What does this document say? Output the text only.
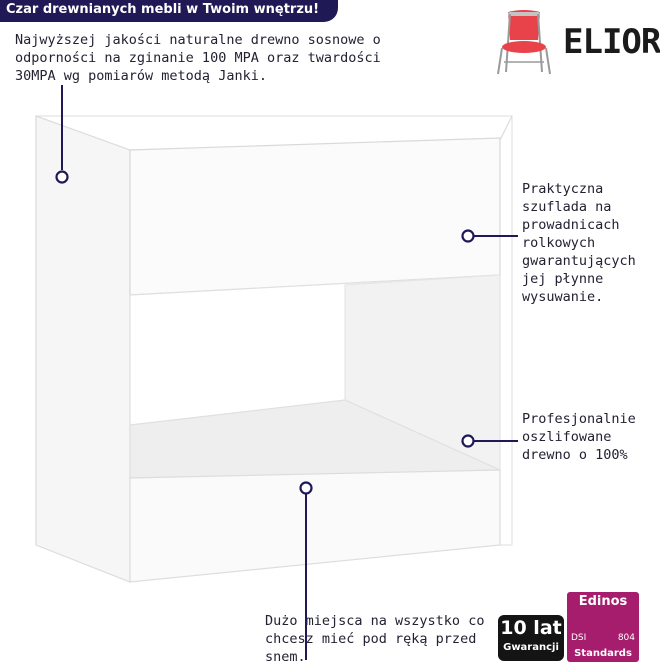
Czar drewnianych mebli w Twoim wnętrzu!
Najwyższej jakości naturalne drewno sosnowe o
odporności na zginanie 100 MPA oraz twardości
30MPA wg pomiarów metodą Janki.
Praktyczna
szuflada na
prowadnicach
rolkowych
gwarantujących
jej płynne
wysuwanie.
Profesjonalnie
oszlifowane
drewno o 100%
Dużo miejsca na wszystko co
chcesz mieć pod ręką przed
snem.
ELIOR
10 lat
Gwarancji
Edinos
DSI	804
Standards
